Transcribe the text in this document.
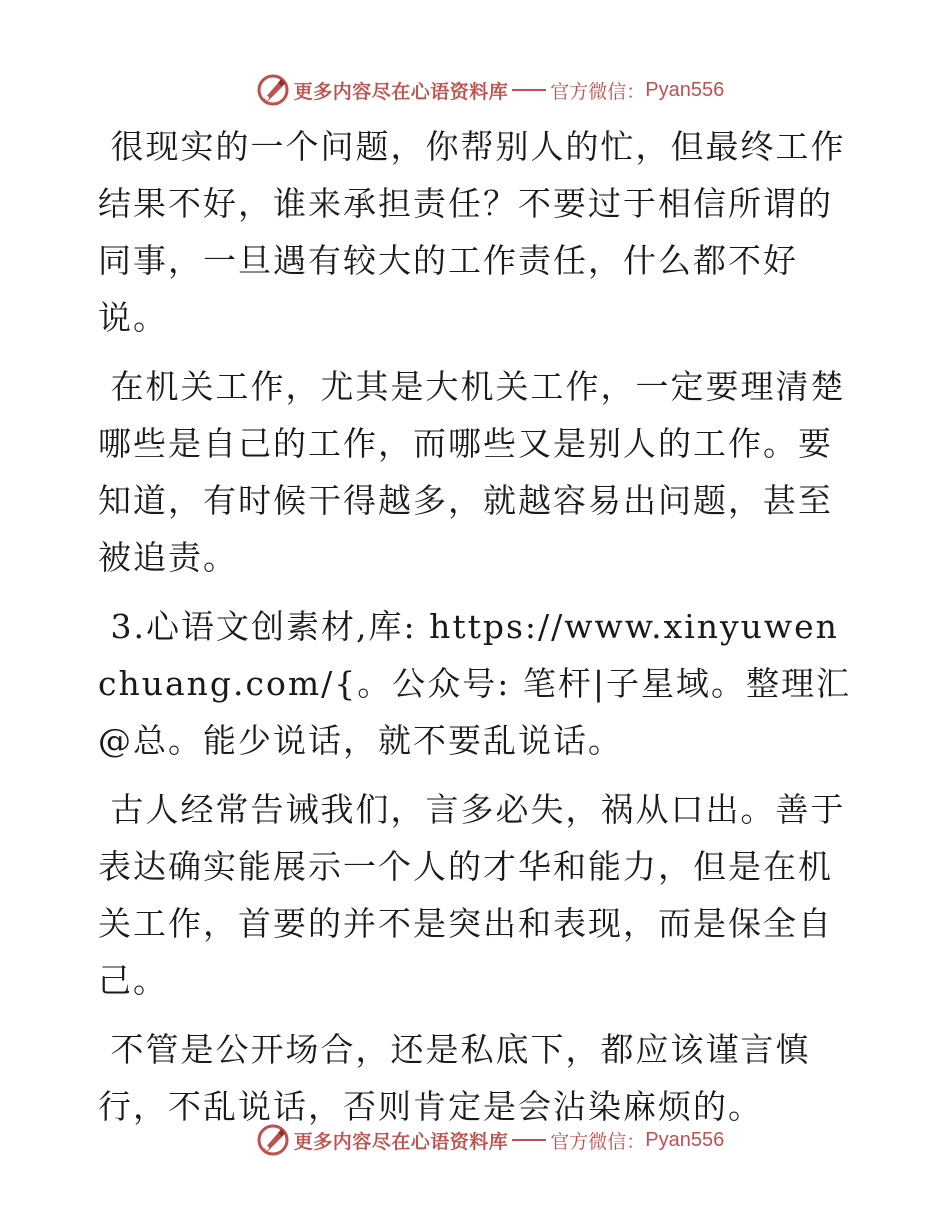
更多内容尽在心语资料库 官方微信： Pyan556

很现实的一个问题，你帮别人的忙，但最终工作结果不好，谁来承担责任？不要过于相信所谓的同事，一旦遇有较大的工作责任，什么都不好说。

在机关工作，尤其是大机关工作，一定要理清楚哪些是自己的工作，而哪些又是别人的工作。要知道，有时候干得越多，就越容易出问题，甚至被追责。

3.心语文创素材,库: https://www.xinyuwenchuang.com/{。公众号: 笔杆|子星域。整理汇@总。能少说话，就不要乱说话。

古人经常告诫我们，言多必失，祸从口出。善于表达确实能展示一个人的才华和能力，但是在机关工作，首要的并不是突出和表现，而是保全自己。

不管是公开场合，还是私底下，都应该谨言慎行，不乱说话，否则肯定是会沾染麻烦的。

更多内容尽在心语资料库 官方微信： Pyan556
